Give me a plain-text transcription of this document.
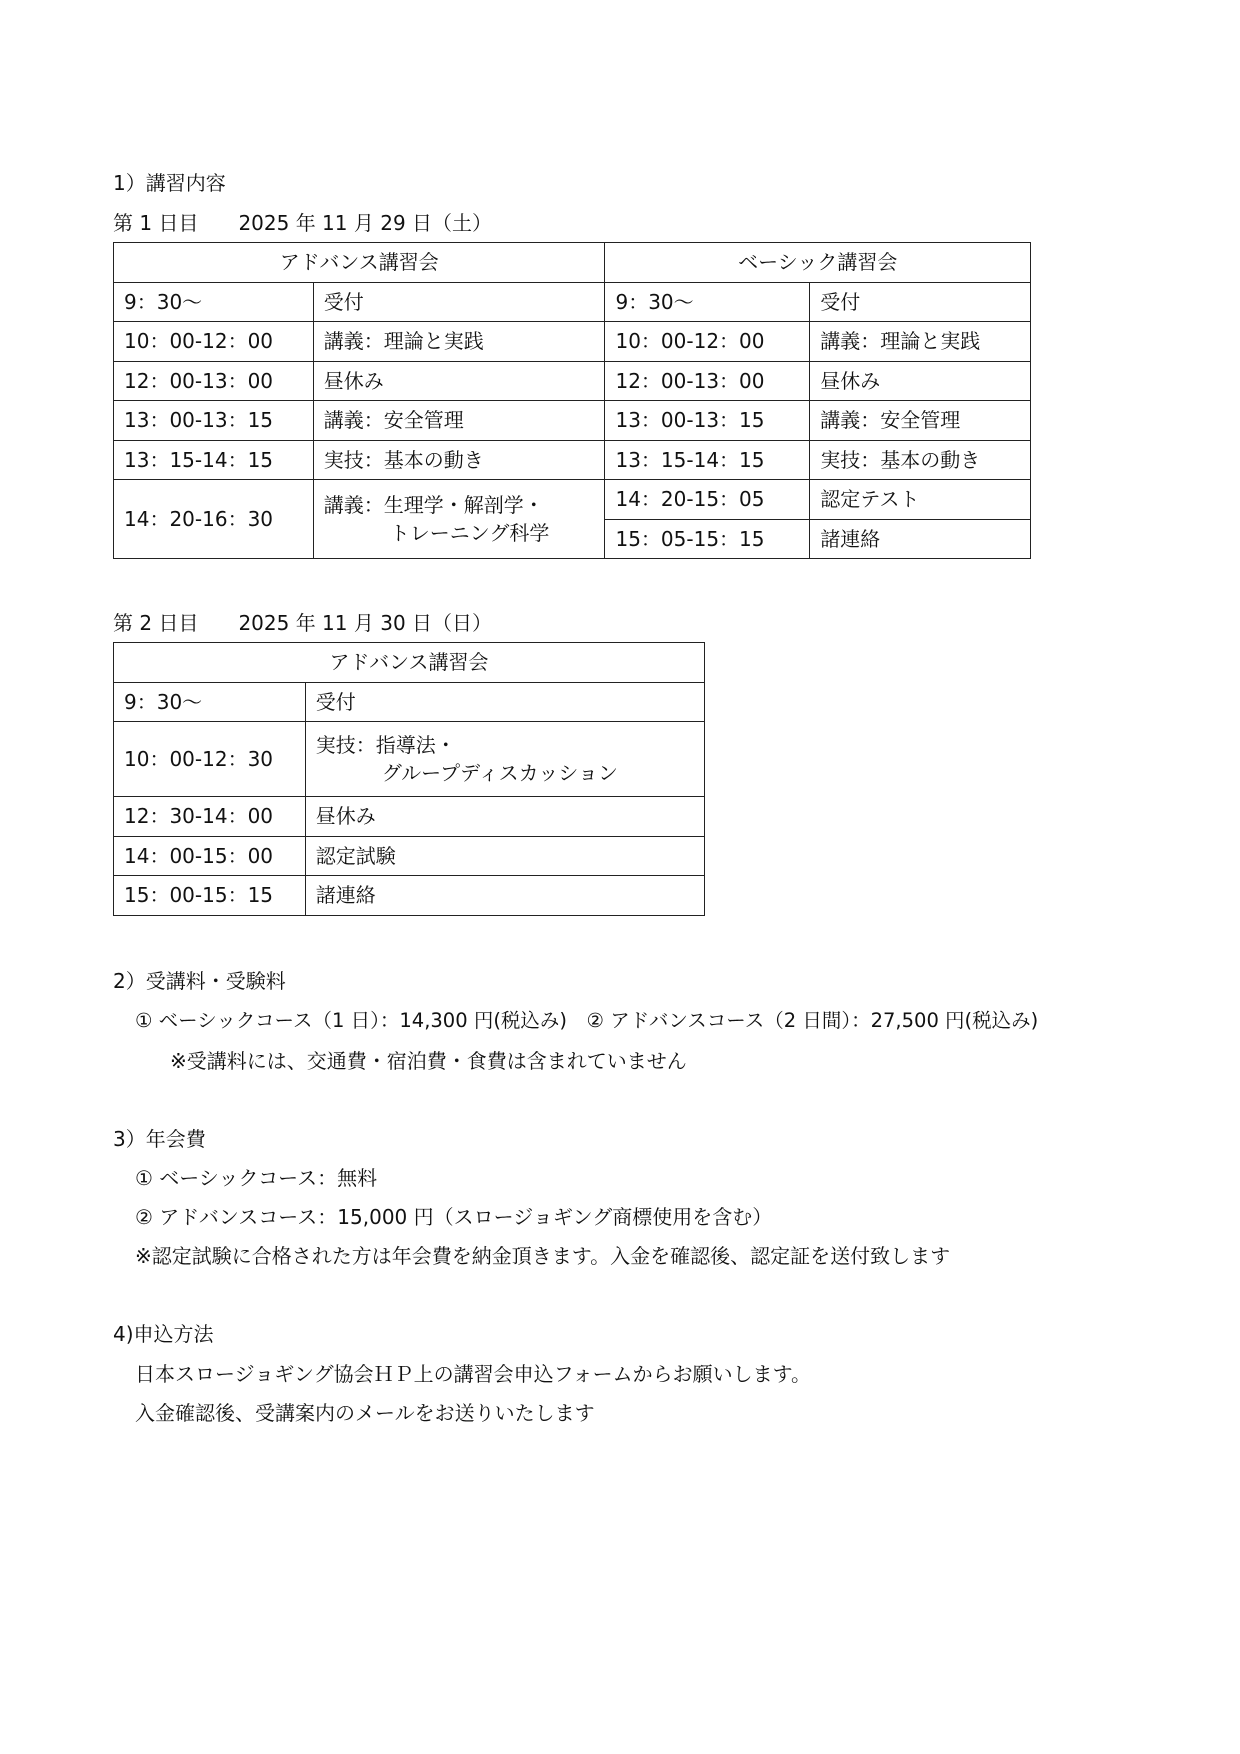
1）講習内容
第 1 日目　　2025 年 11 月 29 日（土）
アドバンス講習会		ベーシック講習会	
9：30～	受付	9：30～	受付
10：00-12：00	講義：理論と実践	10：00-12：00	講義：理論と実践
12：00-13：00	昼休み	12：00-13：00	昼休み
13：00-13：15	講義：安全管理	13：00-13：15	講義：安全管理
13：15-14：15	実技：基本の動き	13：15-14：15	実技：基本の動き
14：20-16：30	講義：生理学・解剖学・
トレーニング科学	14：20-15：05	認定テスト
		15：05-15：15	諸連絡
第 2 日目　　2025 年 11 月 30 日（日）
アドバンス講習会	
9：30～	受付
10：00-12：30	実技：指導法・
グループディスカッション

12：30-14：00	昼休み
14：00-15：00	認定試験
15：00-15：15	諸連絡
2）受講料・受験料
① ベーシックコース（1 日）：14,300 円(税込み)　② アドバンスコース（2 日間）：27,500 円(税込み)
※受講料には、交通費・宿泊費・食費は含まれていません
3）年会費
① ベーシックコース：無料
② アドバンスコース：15,000 円（スロージョギング商標使用を含む）
※認定試験に合格された方は年会費を納金頂きます。入金を確認後、認定証を送付致します
4)申込方法
日本スロージョギング協会ＨＰ上の講習会申込フォームからお願いします。
入金確認後、受講案内のメールをお送りいたします
